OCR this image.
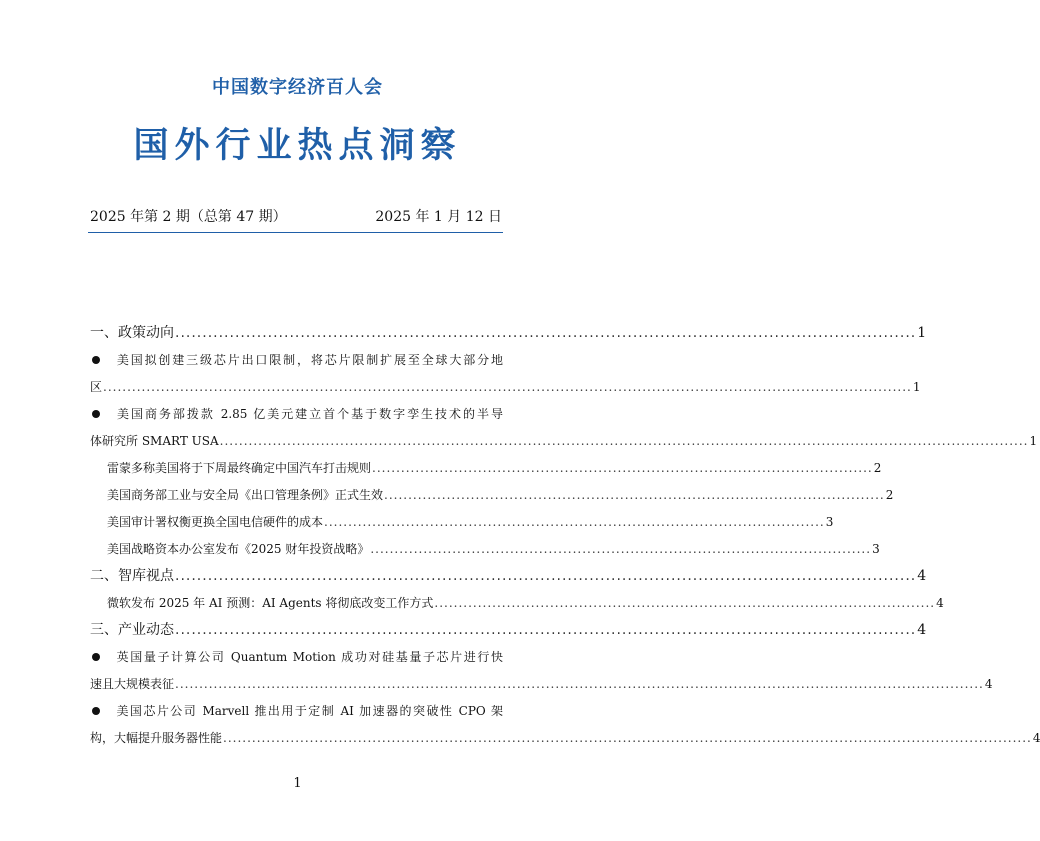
中国数字经济百人会
国外行业热点洞察
2025 年第 2 期（总第 47 期）	2025 年 1 月 12 日
一、政策动向 ........................................................................................................................................ 1
美国拟创建三级芯片出口限制，将芯片限制扩展至全球大部分地
区 ........................................................................................................................................................................ 1
美国商务部拨款 2.85 亿美元建立首个基于数字孪生技术的半导
体研究所 SMART USA ........................................................................................................................................................................ 1
雷蒙多称美国将于下周最终确定中国汽车打击规则 ........................................................................................................ 2
美国商务部工业与安全局《出口管理条例》正式生效 ........................................................................................................ 2
美国审计署权衡更换全国电信硬件的成本 ........................................................................................................ 3
美国战略资本办公室发布《2025 财年投资战略》 ........................................................................................................ 3
二、智库视点 ........................................................................................................................................ 4
微软发布 2025 年 AI 预测：AI Agents 将彻底改变工作方式 ........................................................................................................ 4
三、产业动态 ........................................................................................................................................ 4
英国量子计算公司 Quantum Motion 成功对硅基量子芯片进行快
速且大规模表征 ........................................................................................................................................................................ 4
美国芯片公司 Marvell 推出用于定制 AI 加速器的突破性 CPO 架
构，大幅提升服务器性能 ........................................................................................................................................................................ 4
1
